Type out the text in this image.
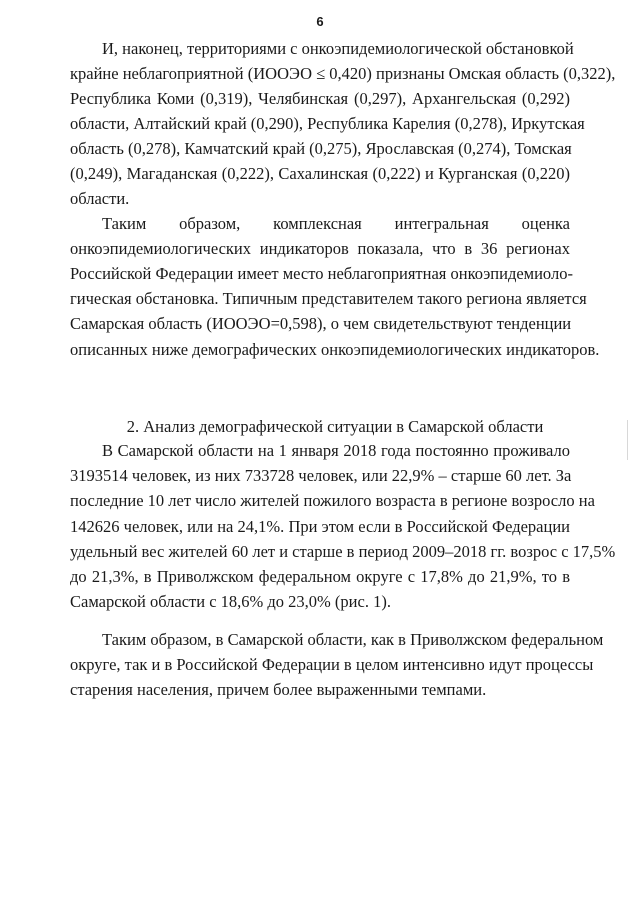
6
И, наконец, территориями с онкоэпидемиологической обстановкой
крайне неблагоприятной (ИООЭО ≤ 0,420) признаны Омская область (0,322),
Республика Коми (0,319), Челябинская (0,297), Архангельская (0,292)
области, Алтайский край (0,290), Республика Карелия (0,278), Иркутская
область (0,278), Камчатский край (0,275), Ярославская (0,274), Томская
(0,249), Магаданская (0,222), Сахалинская (0,222) и Курганская (0,220)
области.
Таким образом, комплексная интегральная оценка
онкоэпидемиологических индикаторов показала, что в 36 регионах
Российской Федерации имеет место неблагоприятная онкоэпидемиоло-
гическая обстановка. Типичным представителем такого региона является
Самарская область (ИООЭО=0,598), о чем свидетельствуют тенденции
описанных ниже демографических онкоэпидемиологических индикаторов.
2. Анализ демографической ситуации в Самарской области
В Самарской области на 1 января 2018 года постоянно проживало
3193514 человек, из них 733728 человек, или 22,9% – старше 60 лет. За
последние 10 лет число жителей пожилого возраста в регионе возросло на
142626 человек, или на 24,1%. При этом если в Российской Федерации
удельный вес жителей 60 лет и старше в период 2009–2018 гг. возрос с 17,5%
до 21,3%, в Приволжском федеральном округе с 17,8% до 21,9%, то в
Самарской области с 18,6% до 23,0% (рис. 1).
Таким образом, в Самарской области, как в Приволжском федеральном
округе, так и в Российской Федерации в целом интенсивно идут процессы
старения населения, причем более выраженными темпами.
